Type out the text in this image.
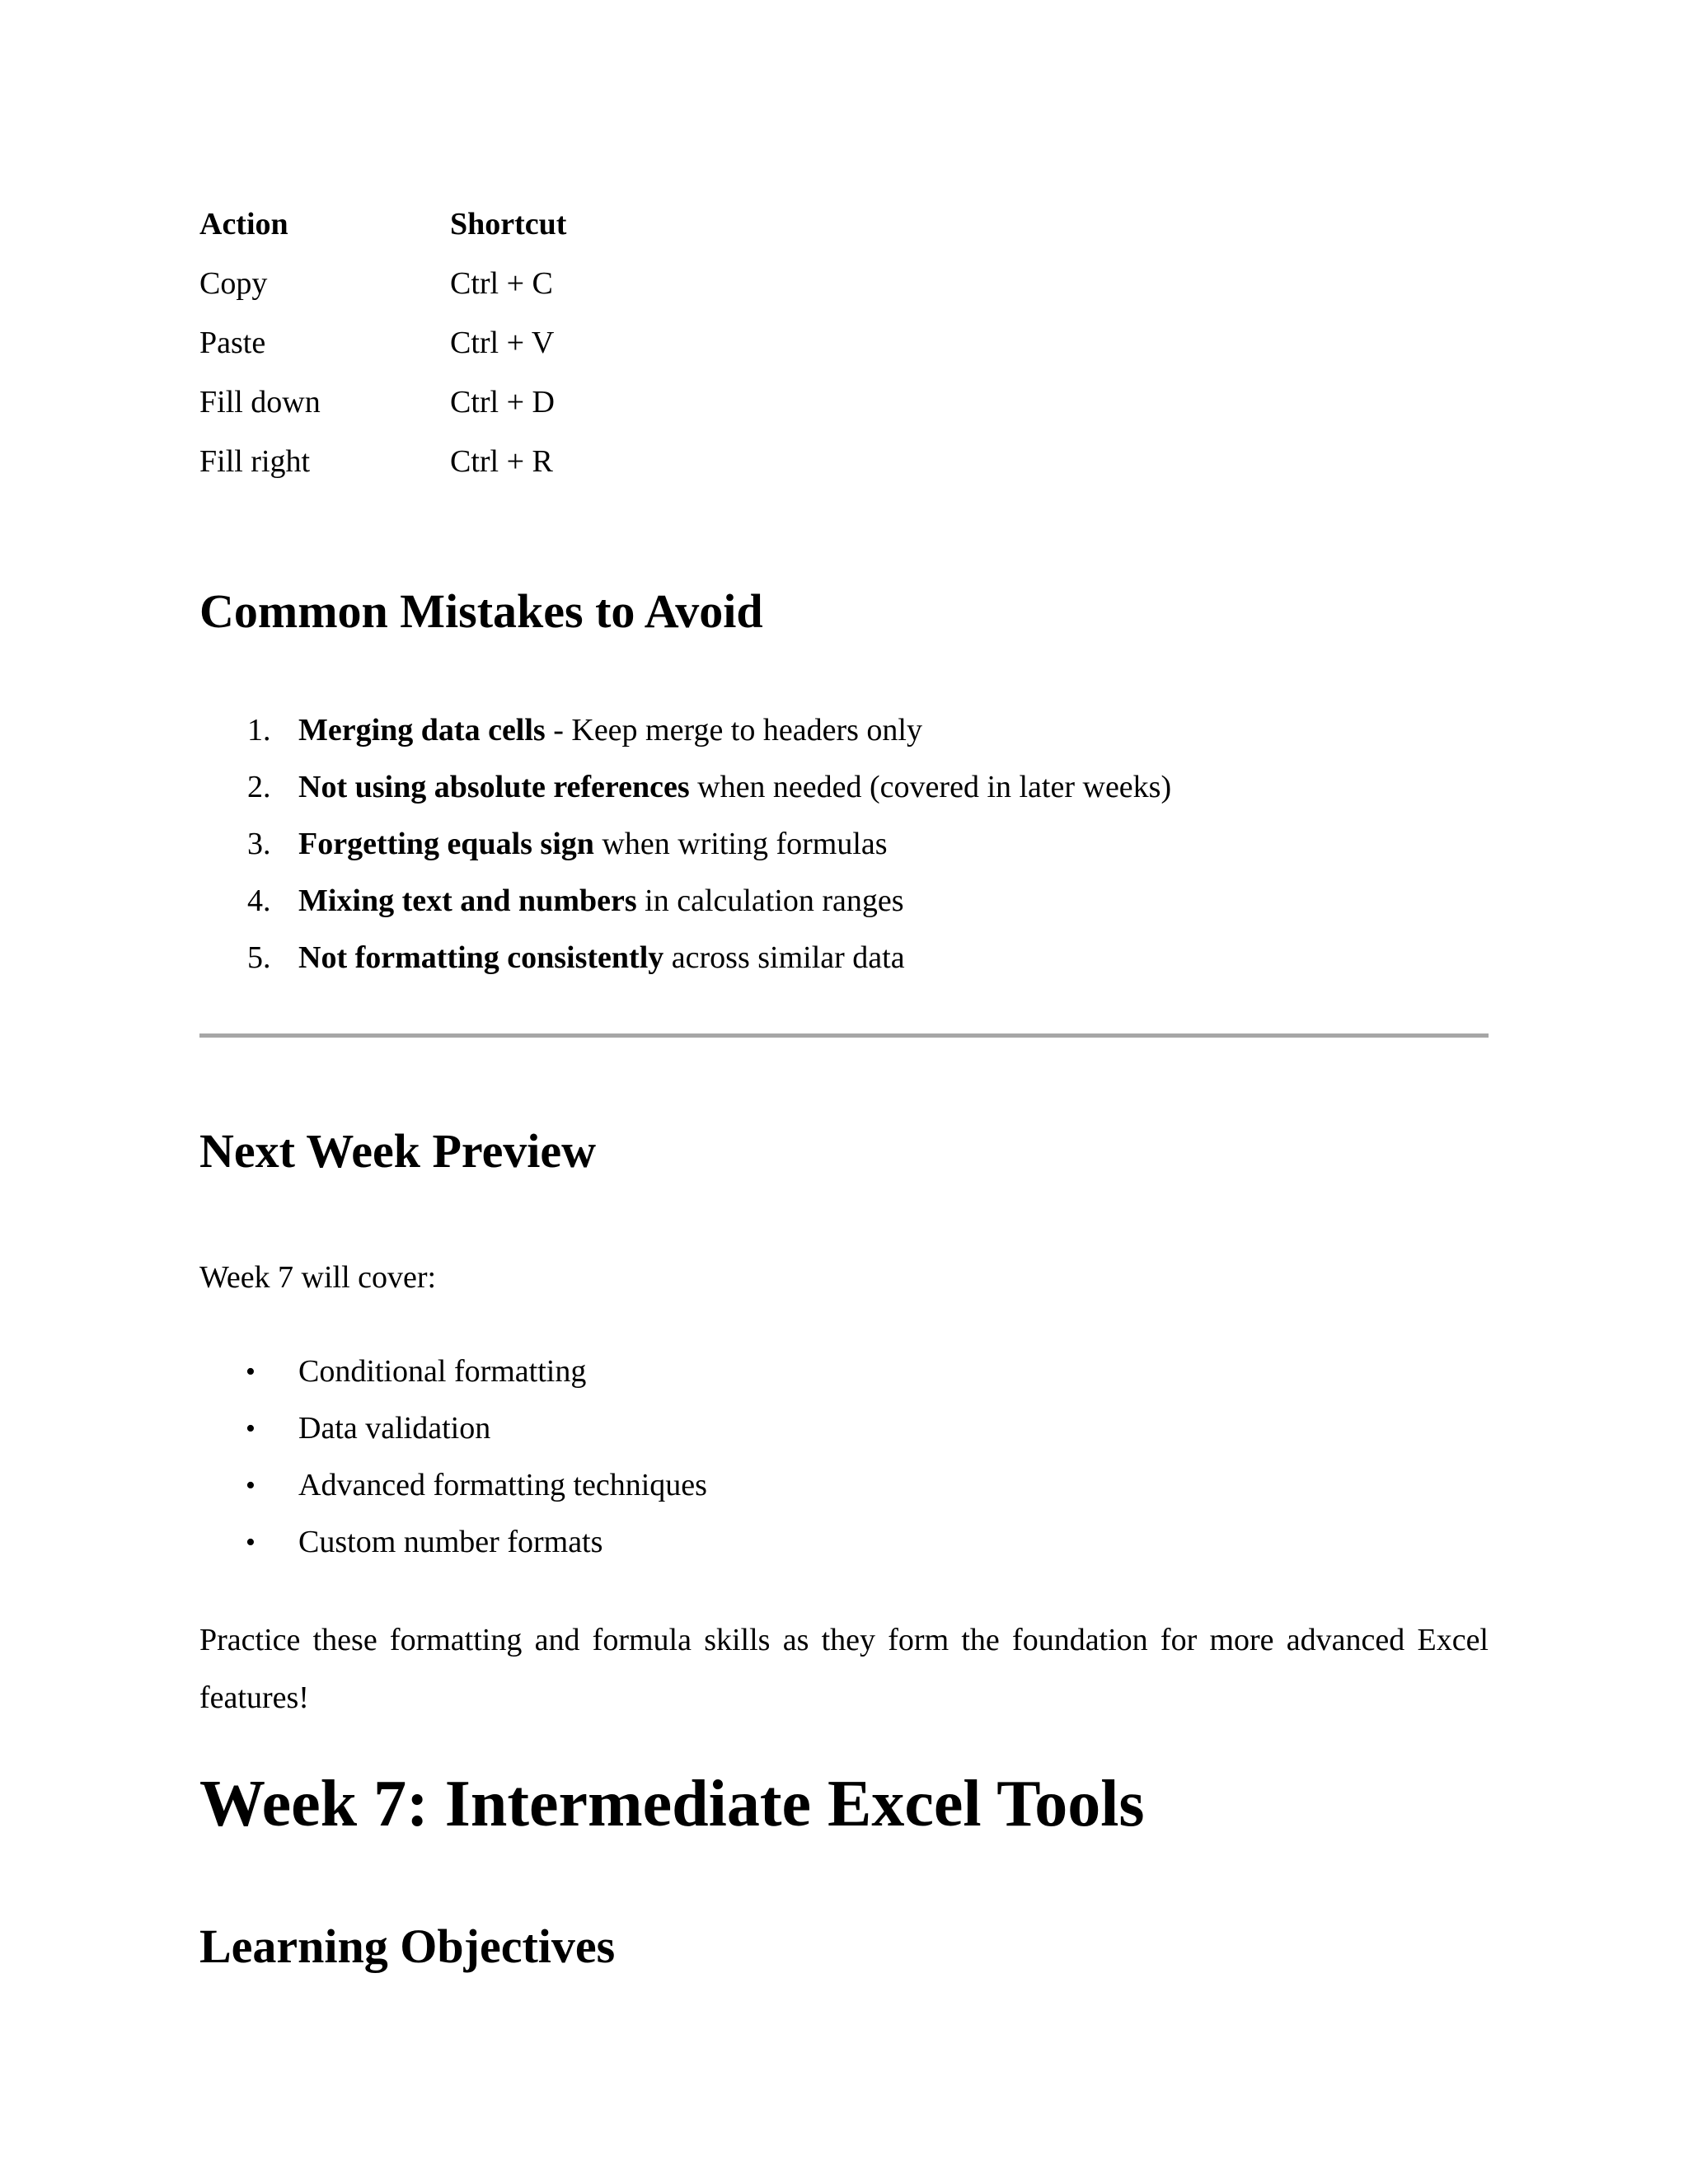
Action	Shortcut
Copy	Ctrl + C
Paste	Ctrl + V
Fill down	Ctrl + D
Fill right	Ctrl + R
Common Mistakes to Avoid
1. Merging data cells - Keep merge to headers only
2. Not using absolute references when needed (covered in later weeks)
3. Forgetting equals sign when writing formulas
4. Mixing text and numbers in calculation ranges
5. Not formatting consistently across similar data
Next Week Preview

Week 7 will cover:

• Conditional formatting
• Data validation
• Advanced formatting techniques
• Custom number formats

Practice these formatting and formula skills as they form the foundation for more advanced Excel features!

Week 7: Intermediate Excel Tools
Learning Objectives
